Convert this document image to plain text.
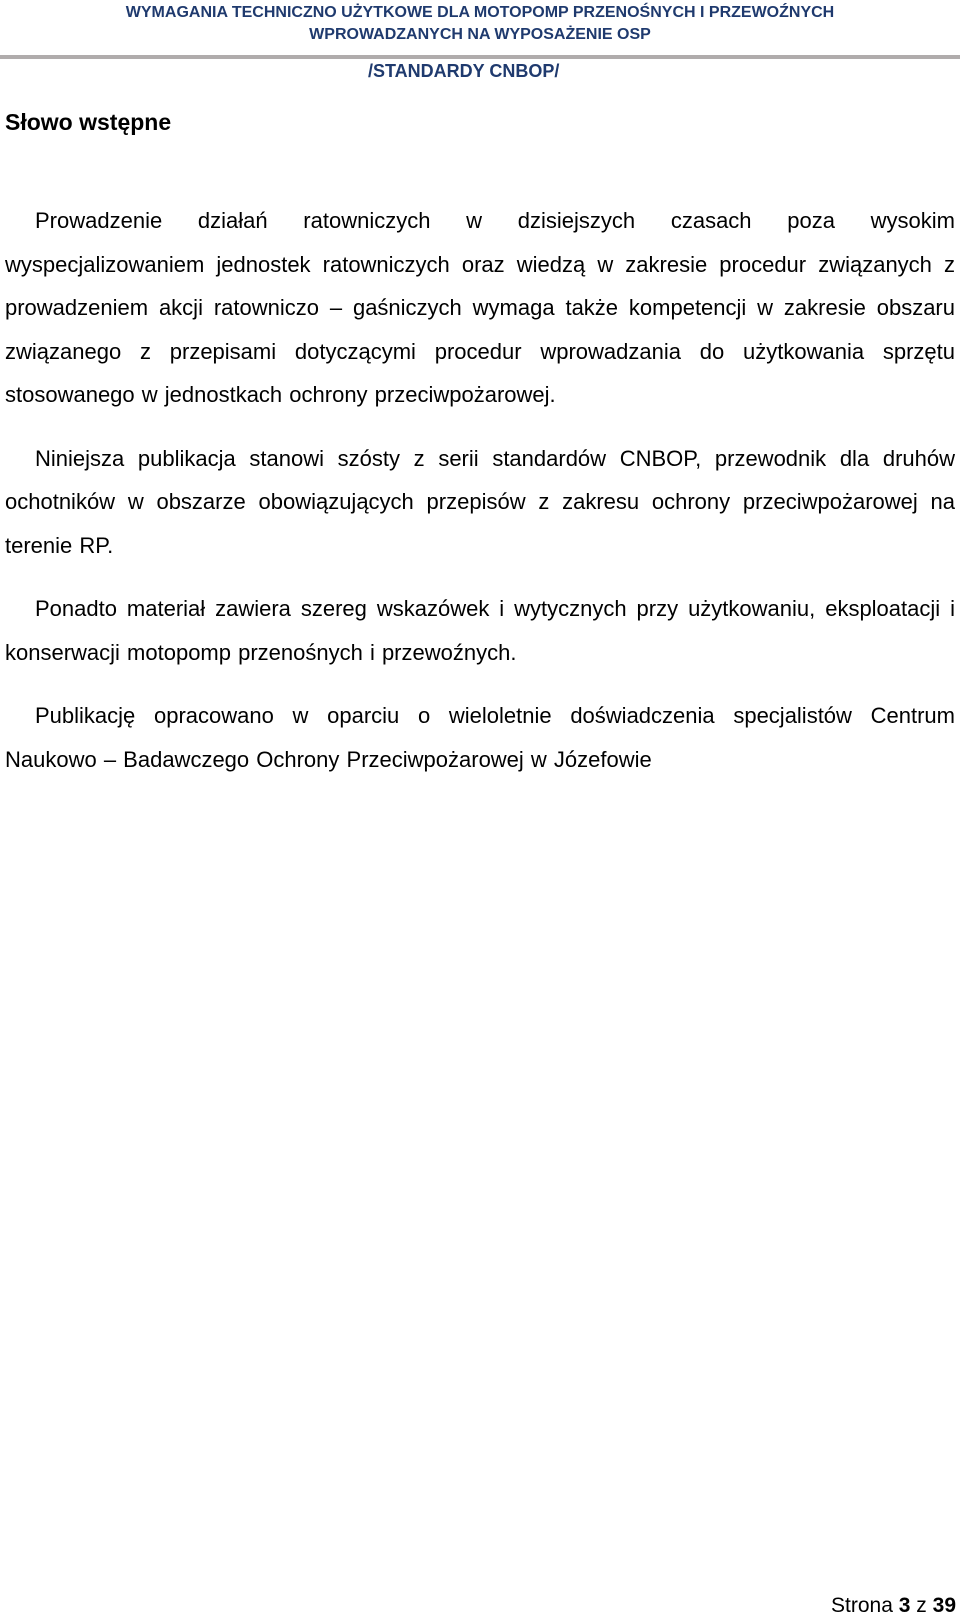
WYMAGANIA TECHNICZNO UŻYTKOWE DLA MOTOPOMP PRZENOŚNYCH I PRZEWOŹNYCH
WPROWADZANYCH NA WYPOSAŻENIE OSP

/STANDARDY CNBOP/

Słowo wstępne

Prowadzenie działań ratowniczych w dzisiejszych czasach poza wysokim wyspecjalizowaniem jednostek ratowniczych oraz wiedzą w zakresie procedur związanych z prowadzeniem akcji ratowniczo – gaśniczych wymaga także kompetencji w zakresie obszaru związanego z przepisami dotyczącymi procedur wprowadzania do użytkowania sprzętu stosowanego w jednostkach ochrony przeciwpożarowej.

Niniejsza publikacja stanowi szósty z serii standardów CNBOP, przewodnik dla druhów ochotników w obszarze obowiązujących przepisów z zakresu ochrony przeciwpożarowej na terenie RP.

Ponadto materiał zawiera szereg wskazówek i wytycznych przy użytkowaniu, eksploatacji i konserwacji motopomp przenośnych i przewoźnych.

Publikację opracowano w oparciu o wieloletnie doświadczenia specjalistów Centrum Naukowo – Badawczego Ochrony Przeciwpożarowej w Józefowie

Strona 3 z 39
